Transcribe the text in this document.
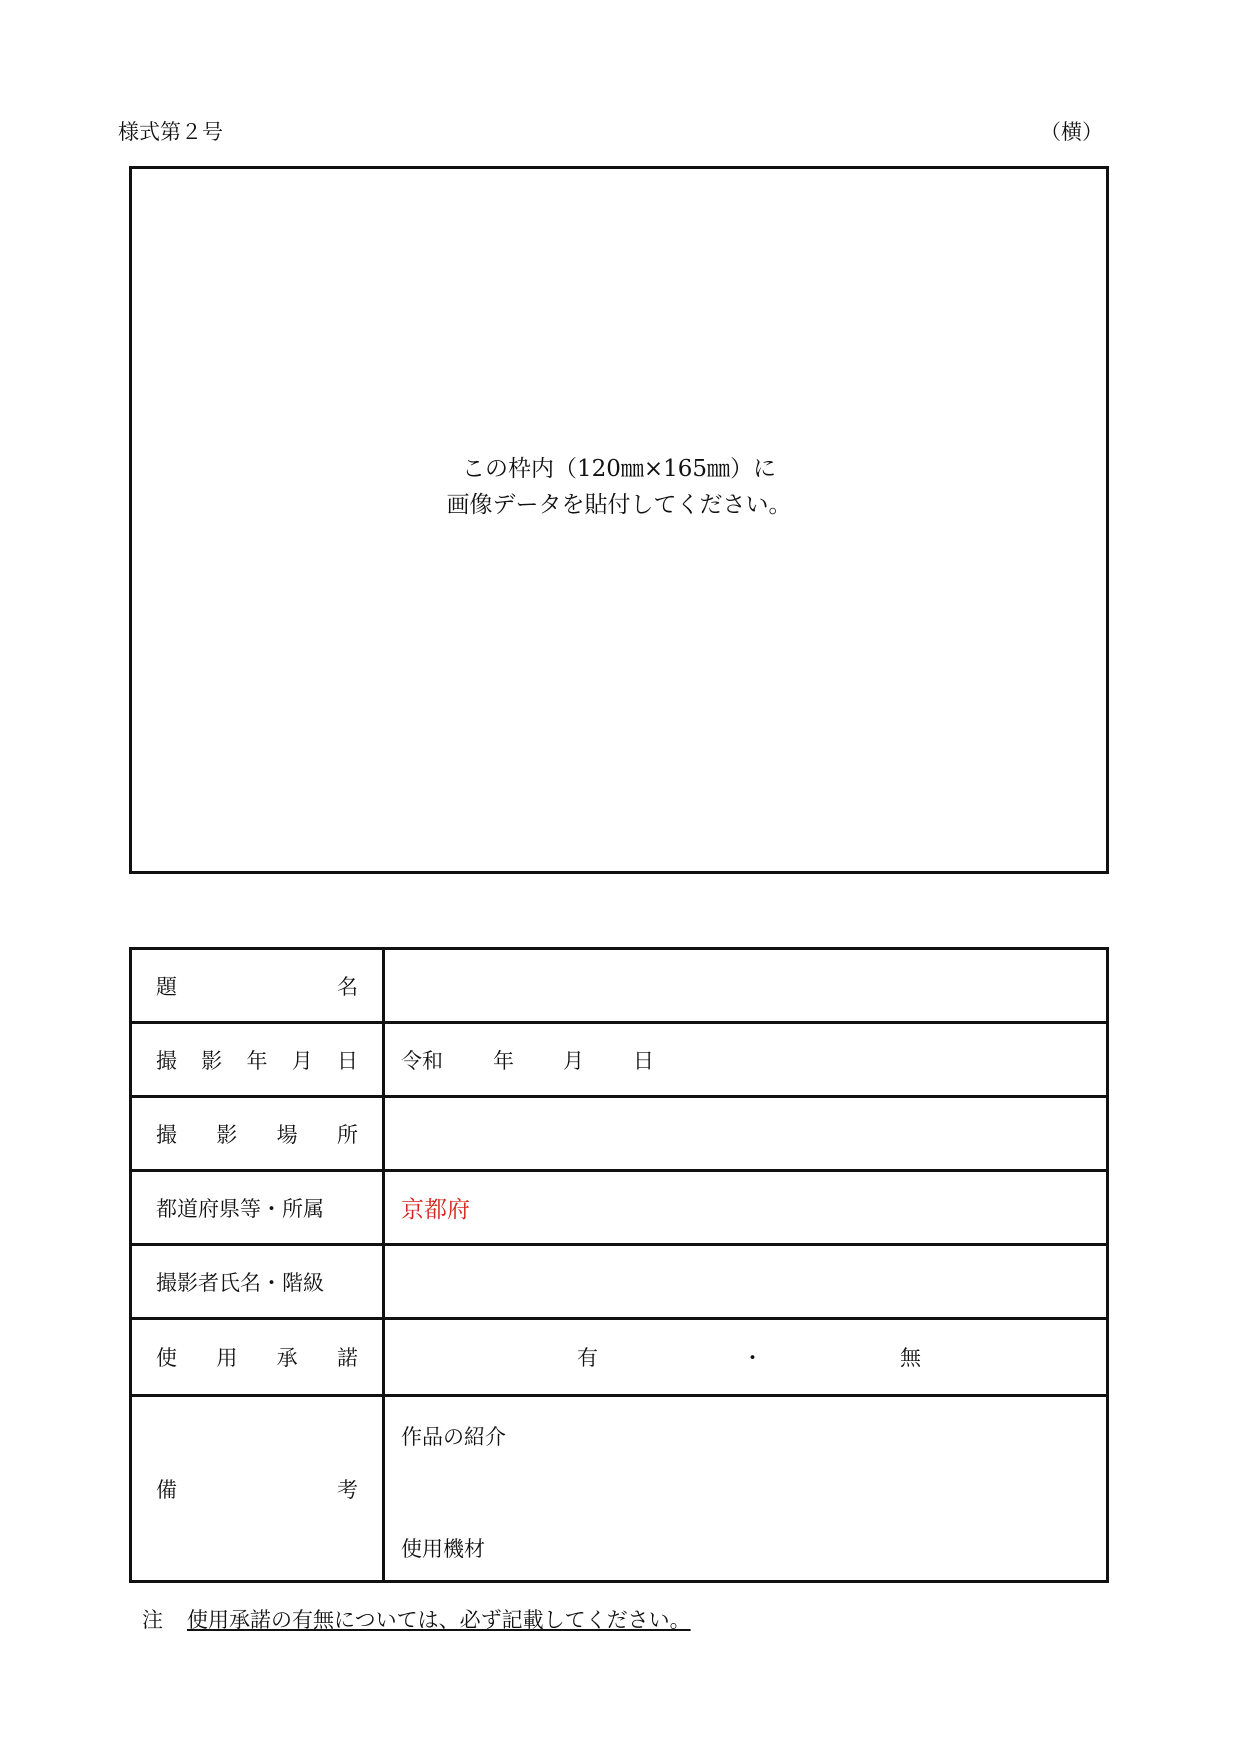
様式第２号	（横）
この枠内（120㎜×165㎜）に
画像データを貼付してください。
題 名	

撮 影 年 月 日	令和 年 月 日

撮 影 場 所	

都道府県等・所属	京都府

撮影者氏名・階級	

使 用 承 諾	有 ・ 無

備 考	作品の紹介
使用機材
注 使用承諾の有無については、必ず記載してください。
